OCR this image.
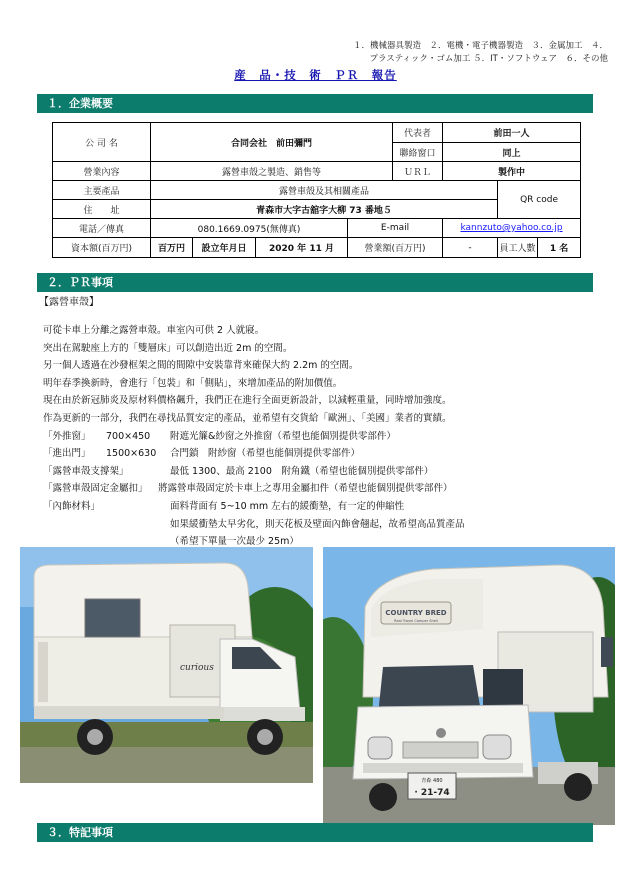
１．機械器具製造　２．電機・電子機器製造　３．金属加工　４．
プラスティック・ゴム加工 ５．IT・ソフトウェア　６．その他
産　品・技　術　ＰＲ　報告
１．企業概要
公 司 名	合同会社　前田彌門				代表者	前田一人		
					聯絡窗口	同上		
營業內容	露營車殼之製造、銷售等				ＵＲＬ	製作中		
主要產品	露營車殼及其相關產品						QR code	
住　　址	青森市大字古舘字大柳 73 番地５							
電話／傳真	080.1669.0975(無傳真)			E-mail		kannzuto@yahoo.co.jp		
資本額(百万円)	百万円	設立年月日	2020 年 11 月	營業額(百万円)		-	員工人數	1 名
２．ＰＲ事項
【露營車殼】

可從卡車上分離之露營車殼。車室內可供 2 人就寢。

突出在駕駛座上方的「雙層床」可以創造出近 2m 的空間。

另一個人透過在沙發框架之間的間隙中安裝靠背來確保大約 2.2m 的空間。

明年春季換新時，會進行「包裝」和「側貼」，來增加產品的附加價值。

現在由於新冠肺炎及原材料價格飆升，我們正在進行全面更新設計，以減輕重量，同時增加強度。

作為更新的一部分，我們在尋找品質安定的產品，並希望有交貨給「歐洲」、「美國」業者的實績。

「外推窗」 700×450 附遮光簾&紗窗之外推窗（希望也能個別提供零部件）
「進出門」 1500×630 合門鎖　附紗窗（希望也能個別提供零部件）
「露營車殼支撐架」	最低 1300、最高 2100　附角鐵（希望也能個別提供零部件）
「露營車殼固定金屬扣」 將露營車殼固定於卡車上之專用金屬扣件（希望也能個別提供零部件）
「內飾材料」	面料背面有 5~10 mm 左右的緩衝墊，有一定的伸縮性
如果緩衝墊太早劣化，則天花板及壁面內飾會翹起，故希望高品質產品
（希望下單量一次最少 25m）
curious
COUNTRY BRED
Real Travel Camper Shell
青森 480
· 21-74
３．特記事項
